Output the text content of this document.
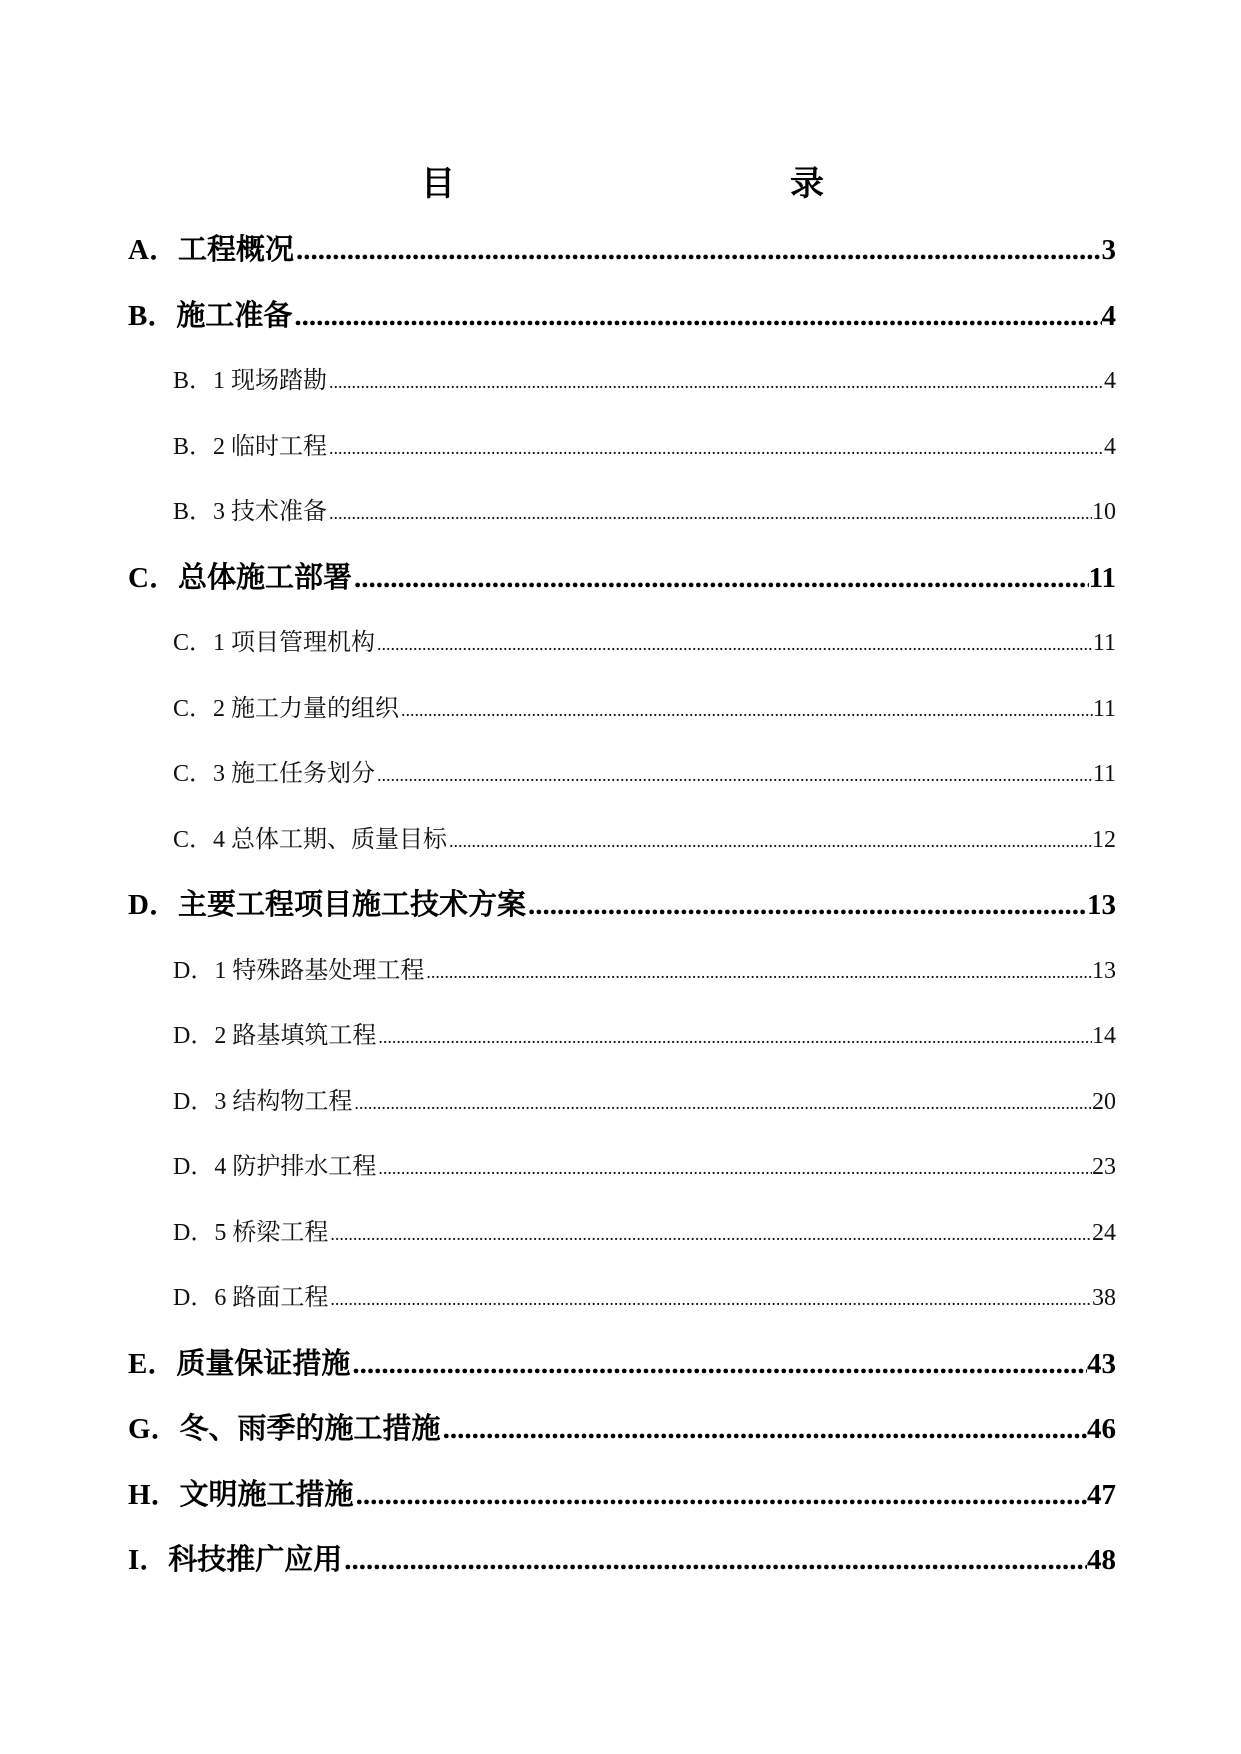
目	录
A．工程概况 .....	3
B．施工准备 .....	4
B．1 现场踏勘 .....	4
B．2 临时工程 .....	4
B．3 技术准备 .....	10
C．总体施工部署 .....	11
C．1 项目管理机构 .....	11
C．2 施工力量的组织 .....	11
C．3 施工任务划分 .....	11
C．4 总体工期、质量目标 .....	12
D．主要工程项目施工技术方案 .....	13
D．1 特殊路基处理工程 .....	13
D．2 路基填筑工程 .....	14
D．3 结构物工程 .....	20
D．4 防护排水工程 .....	23
D．5 桥梁工程 .....	24
D．6 路面工程 .....	38
E．质量保证措施 .....	43
G．冬、雨季的施工措施 .....	46
H．文明施工措施 .....	47
I．科技推广应用 .....	48
